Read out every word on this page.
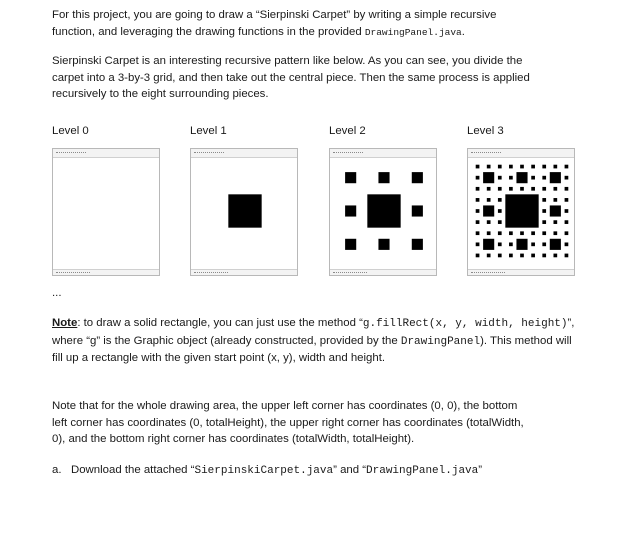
For this project, you are going to draw a “Sierpinski Carpet” by writing a simple recursive
function, and leveraging the drawing functions in the provided DrawingPanel.java.

Sierpinski Carpet is an interesting recursive pattern like below. As you can see, you divide the
carpet into a 3-by-3 grid, and then take out the central piece. Then the same process is applied
recursively to the eight surrounding pieces.

Level 0	Level 1	Level 2	Level 3
...

Note: to draw a solid rectangle, you can just use the method “g.fillRect(x, y, width, height)”, where “g” is the Graphic object (already constructed, provided by the DrawingPanel). This method will fill up a rectangle with the given start point (x, y), width and height.

Note that for the whole drawing area, the upper left corner has coordinates (0, 0), the bottom
left corner has coordinates (0, totalHeight), the upper right corner has coordinates (totalWidth,
0), and the bottom right corner has coordinates (totalWidth, totalHeight).

a. Download the attached “SierpinskiCarpet.java” and “DrawingPanel.java”
